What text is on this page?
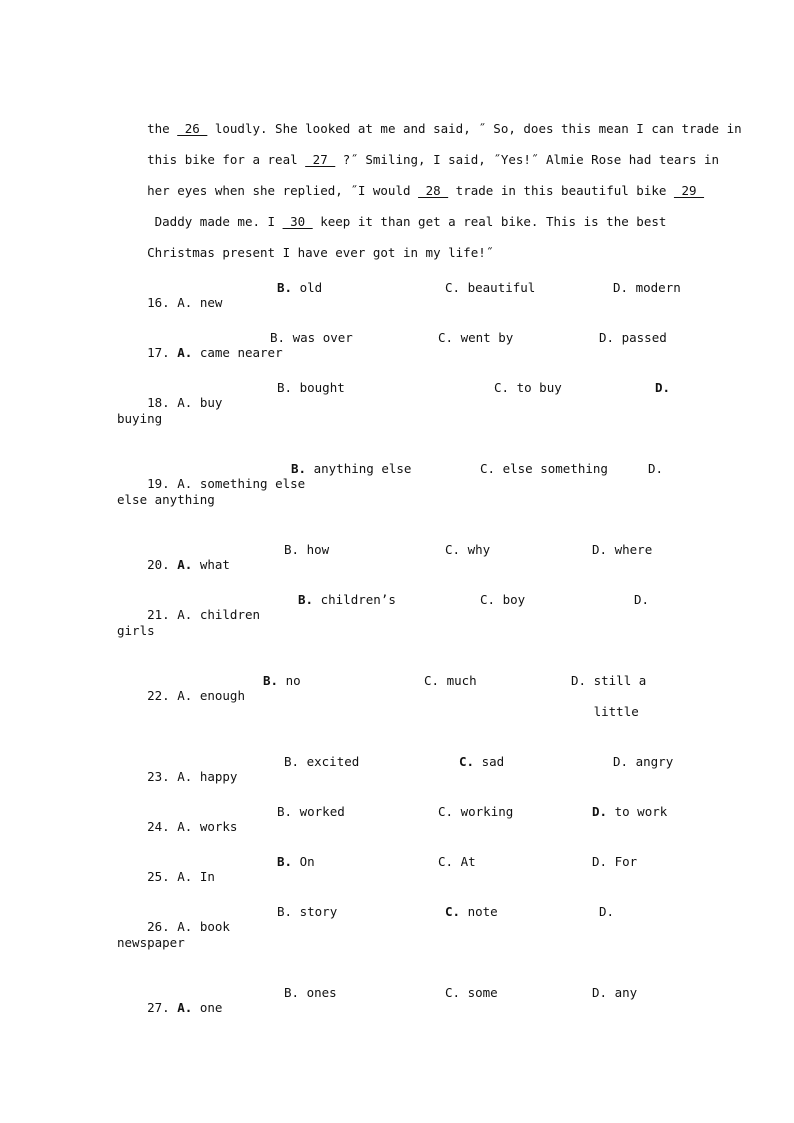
the  26  loudly. She looked at me and said, ˝ So, does this mean I can trade in

this bike for a real  27  ?˝ Smiling, I said, ˝Yes!˝ Almie Rose had tears in

her eyes when she replied, ˝I would  28  trade in this beautiful bike  29

Daddy made me. I  30  keep it than get a real bike. This is the best

Christmas present I have ever got in my life!˝

16. A. new

B. old	C. beautiful	D. modern

17. A. came nearer

B. was over	C. went by	D. passed

18. A. buy

B. bought	C. to buy	D.
buying

19. A. something else

B. anything else	C. else something	D.
else anything

20. A. what

B. how	C. why	D. where

21. A. children

B. children’s	C. boy	D.
girls

22. A. enough

B. no	C. much	D. still a little

23. A. happy

B. excited	C. sad	D. angry

24. A. works

B. worked	C. working	D. to work

25. A. In

B. On	C. At	D. For

26. A. book

B. story	C. note	D.
newspaper

27. A. one

B. ones	C. some	D. any
